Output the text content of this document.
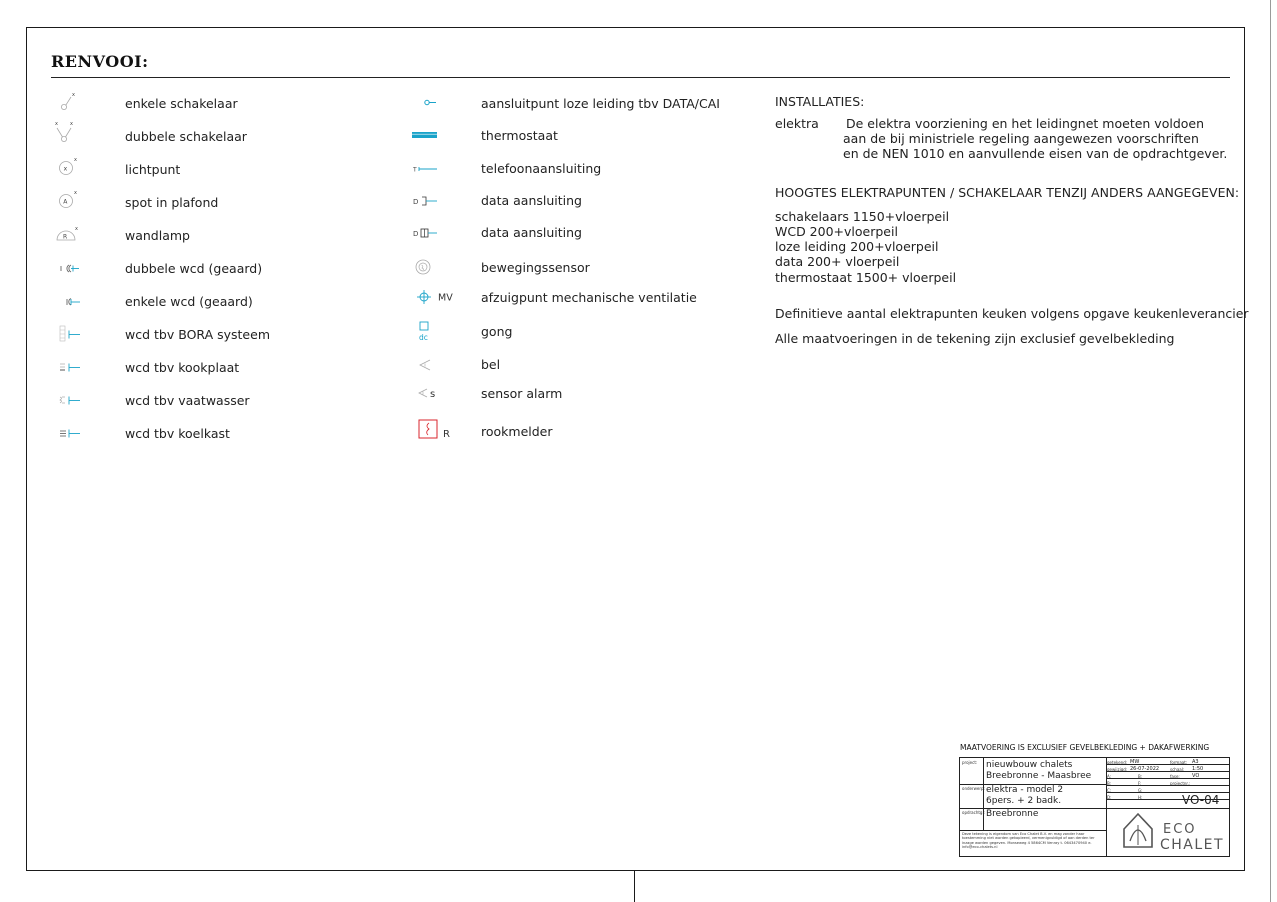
RENVOOI:
x
enkele schakelaar
x x
dubbele schakelaar
x
x
lichtpunt
A
x
spot in plafond
R
x	wandlamp
dubbele wcd (geaard)
enkele wcd (geaard)
wcd tbv BORA systeem
wcd tbv kookplaat
wcd tbv vaatwasser
wcd tbv koelkast
aansluitpunt loze leiding tbv DATA/CAI
thermostaat
T	telefoonaansluiting
D	data aansluiting
D	data aansluiting
bewegingssensor
MV afzuigpunt mechanische ventilatie
dc	gong
bel
s	sensor alarm
R rookmelder
INSTALLATIES:
elektra De elektra voorziening en het leidingnet moeten voldoen
aan de bij ministriele regeling aangewezen voorschriften
en de NEN 1010 en aanvullende eisen van de opdrachtgever.
HOOGTES ELEKTRAPUNTEN / SCHAKELAAR TENZIJ ANDERS AANGEGEVEN:
schakelaars 1150+vloerpeil
WCD 200+vloerpeil
loze leiding 200+vloerpeil
data 200+ vloerpeil
thermostaat 1500+ vloerpeil
Definitieve aantal elektrapunten keuken volgens opgave keukenleverancier
Alle maatvoeringen in de tekening zijn exclusief gevelbekleding
MAATVOERING IS EXCLUSIEF GEVELBEKLEDING + DAKAFWERKING
project: nieuwbouw chalets
Breebronne - Maasbree
onderwerp: elektra - model 2
6pers. + 2 badk.
opdrachtg.: Breebronne
Deze tekening is eigendom van Eco Chalet B.V. en mag zonder haar toestemming niet worden gekopieerd, vermenigvuldigd of aan derden ter inzage worden gegeven. Monseweg 4 5864CM Venray t. 0643470940 e. info@eco-chalets.nl
getekend: MW	formaat: A3
gewijzigd: 26-07-2022	schaal: 1:50
A:	B:	fase: VO
B:	F:	projectnr.:
C:	G:
D:	H:	VO-04
ECO
CHALET
